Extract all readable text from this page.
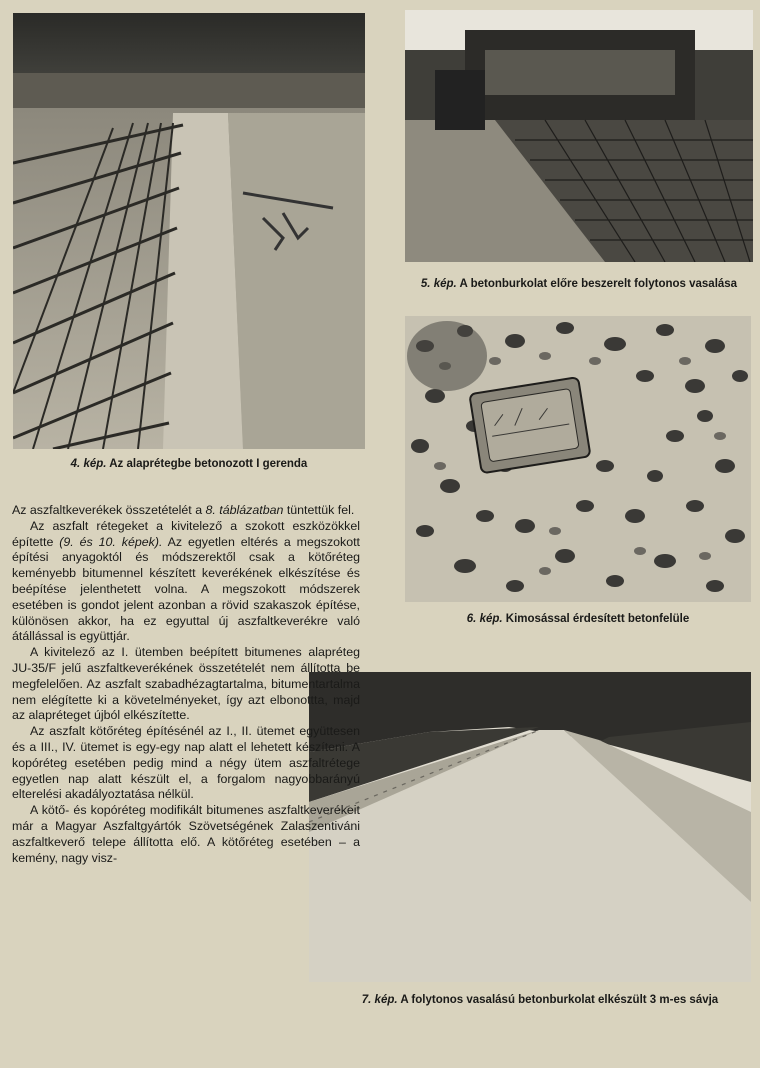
4. kép. Az alaprétegbe betonozott I gerenda
5. kép. A betonburkolat előre beszerelt folytonos vasalása
6. kép. Kimosással érdesített betonfelülе
7. kép. A folytonos vasalású betonburkolat elkészült 3 m-es sávja

Az aszfaltkeverékek összetételét a 8. táblázatban tüntettük fel.

Az aszfalt rétegeket a kivitelező a szokott eszközökkel építette (9. és 10. képek). Az egyetlen eltérés a megszokott építési anyagoktól és módszerektől csak a kötőréteg keményebb bitumennel készített keverékének elkészítése és beépítése jelenthetett volna. A megszokott módszerek esetében is gondot jelent azonban a rövid szakaszok építése, különösen akkor, ha ez egyuttal új aszfaltkeverékre való átállással is együttjár.

A kivitelező az I. ütemben beépített bitumenes alapréteg JU-35/F jelű aszfaltkeverékének összetételét nem állította be megfelelően. Az aszfalt szabadhézagtartalma, bitumentartalma nem elégítette ki a követelményeket, így azt elbonottta, majd az alapréteget újból elkészítette.

Az aszfalt kötőréteg építésénél az I., II. ütemet együttesen és a III., IV. ütemet is egy-egy nap alatt el lehetett készíteni. A kopóréteg esetében pedig mind a négy ütem aszfaltrétege egyetlen nap alatt készült el, a forgalom nagyobbarányú elterelési akadályoztatása nélkül.

A kötő- és kopóréteg modifikált bitumenes aszfaltkeverékeit már a Magyar Aszfaltgyártók Szövetségének Zalaszentiváni aszfaltkeverő telepe állította elő. A kötőréteg esetében – a kemény, nagy visz-
